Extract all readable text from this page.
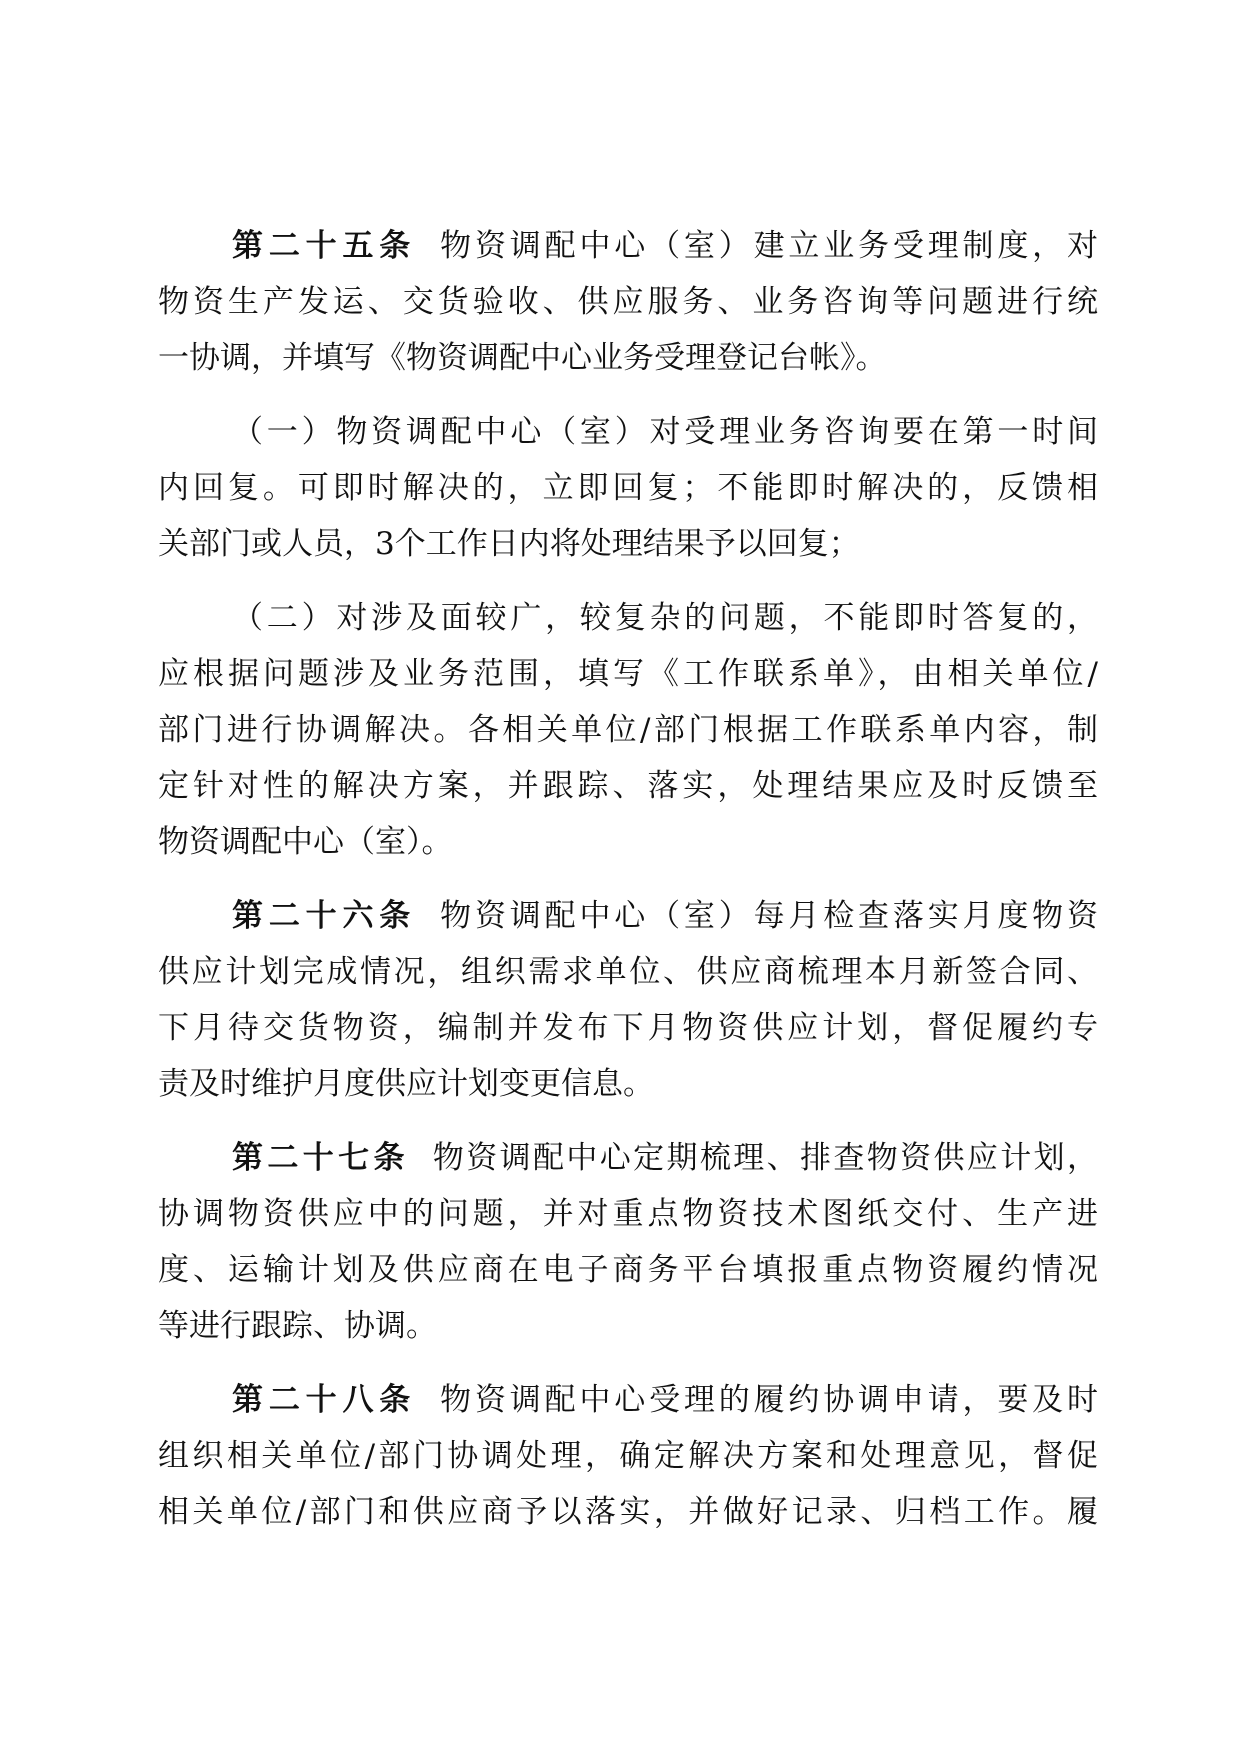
第二十五条 物资调配中心（室）建立业务受理制度，对
物资生产发运、交货验收、供应服务、业务咨询等问题进行统
一协调，并填写《物资调配中心业务受理登记台帐》。
（一）物资调配中心（室）对受理业务咨询要在第一时间
内回复。可即时解决的，立即回复；不能即时解决的，反馈相
关部门或人员，3个工作日内将处理结果予以回复；
（二）对涉及面较广，较复杂的问题，不能即时答复的，
应根据问题涉及业务范围，填写《工作联系单》，由相关单位/
部门进行协调解决。各相关单位/部门根据工作联系单内容，制
定针对性的解决方案，并跟踪、落实，处理结果应及时反馈至
物资调配中心（室）。
第二十六条 物资调配中心（室）每月检查落实月度物资
供应计划完成情况，组织需求单位、供应商梳理本月新签合同、
下月待交货物资，编制并发布下月物资供应计划，督促履约专
责及时维护月度供应计划变更信息。
第二十七条 物资调配中心定期梳理、排查物资供应计划，
协调物资供应中的问题，并对重点物资技术图纸交付、生产进
度、运输计划及供应商在电子商务平台填报重点物资履约情况
等进行跟踪、协调。
第二十八条 物资调配中心受理的履约协调申请，要及时
组织相关单位/部门协调处理，确定解决方案和处理意见，督促
相关单位/部门和供应商予以落实，并做好记录、归档工作。履
